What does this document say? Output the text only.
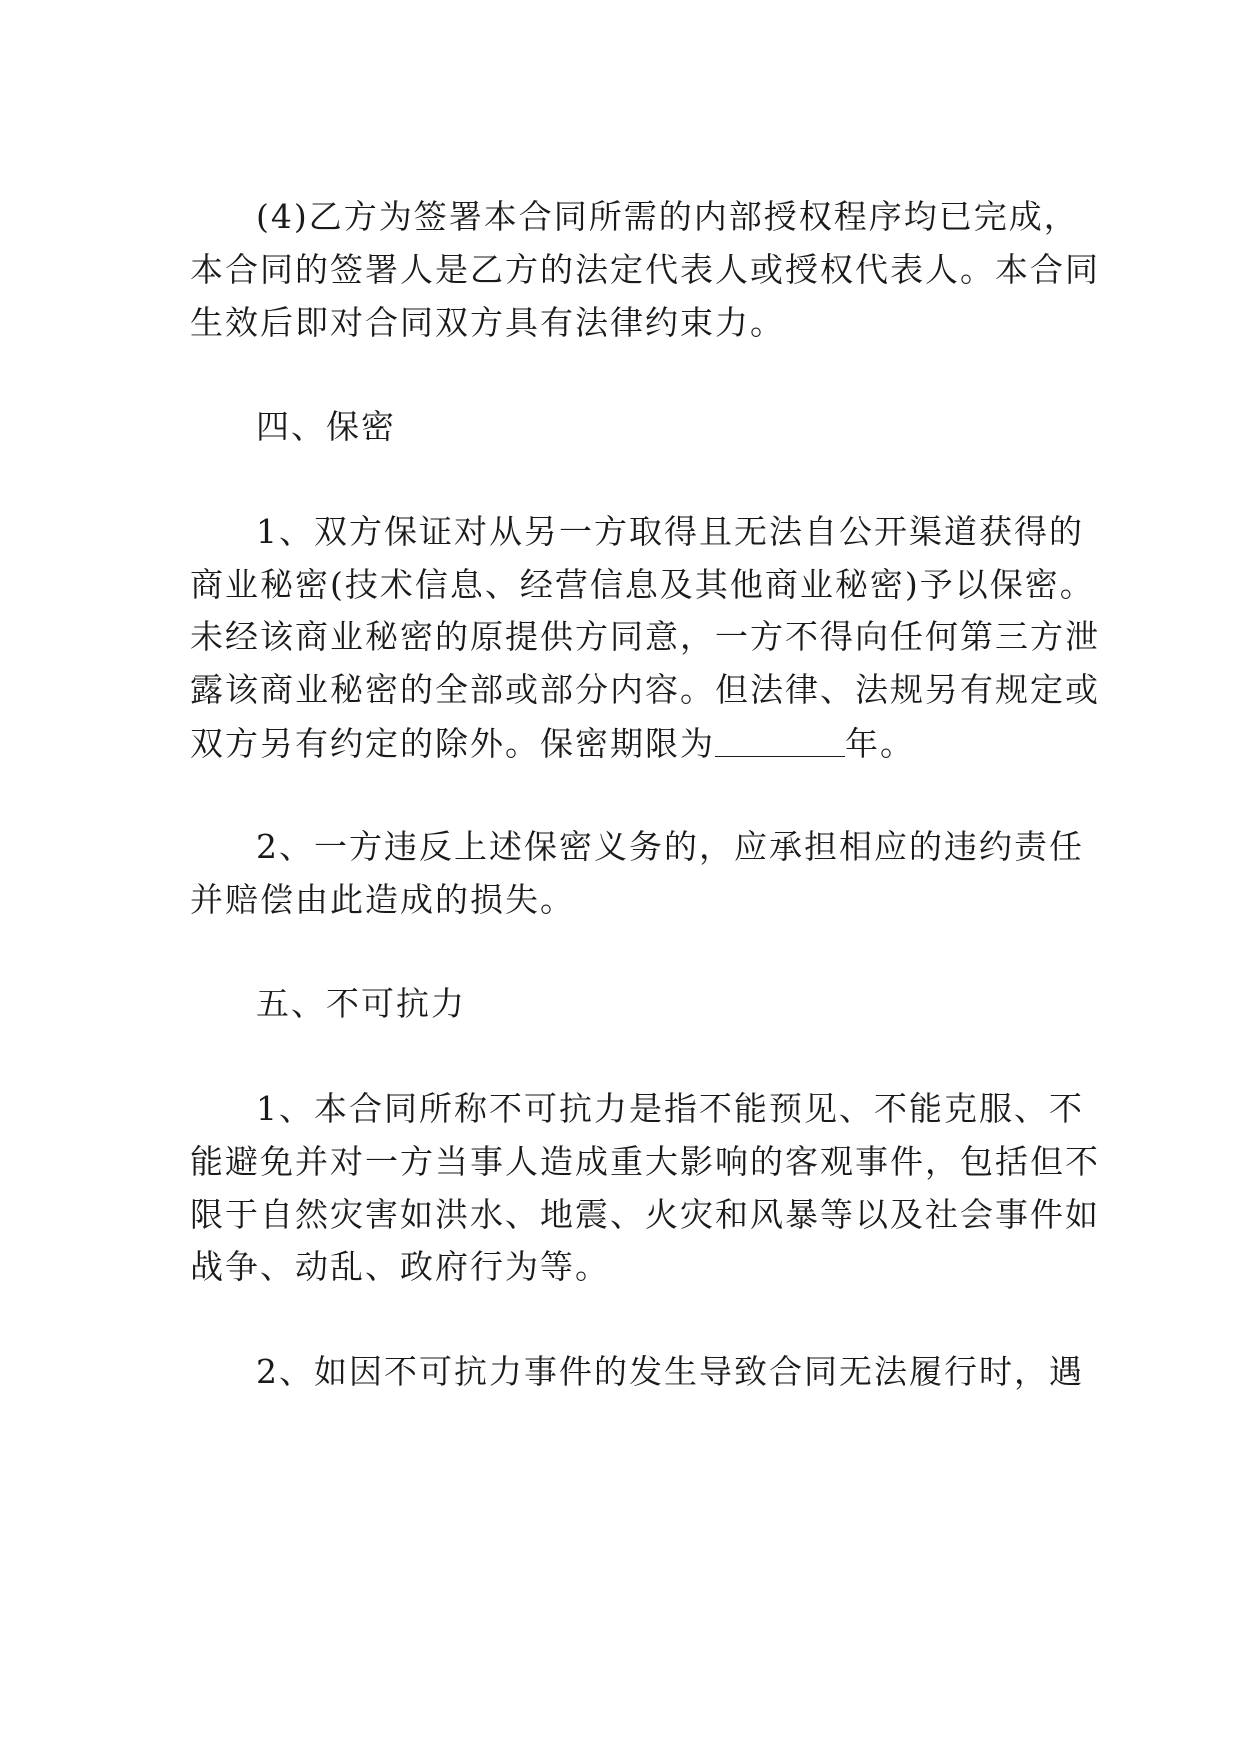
(4)乙方为签署本合同所需的内部授权程序均已完成，
本合同的签署人是乙方的法定代表人或授权代表人。本合同
生效后即对合同双方具有法律约束力。
四、保密
1、双方保证对从另一方取得且无法自公开渠道获得的
商业秘密(技术信息、经营信息及其他商业秘密)予以保密。
未经该商业秘密的原提供方同意，一方不得向任何第三方泄
露该商业秘密的全部或部分内容。但法律、法规另有规定或
双方另有约定的除外。保密期限为	年。
2、一方违反上述保密义务的，应承担相应的违约责任
并赔偿由此造成的损失。
五、不可抗力
1、本合同所称不可抗力是指不能预见、不能克服、不
能避免并对一方当事人造成重大影响的客观事件，包括但不
限于自然灾害如洪水、地震、火灾和风暴等以及社会事件如
战争、动乱、政府行为等。
2、如因不可抗力事件的发生导致合同无法履行时，遇
